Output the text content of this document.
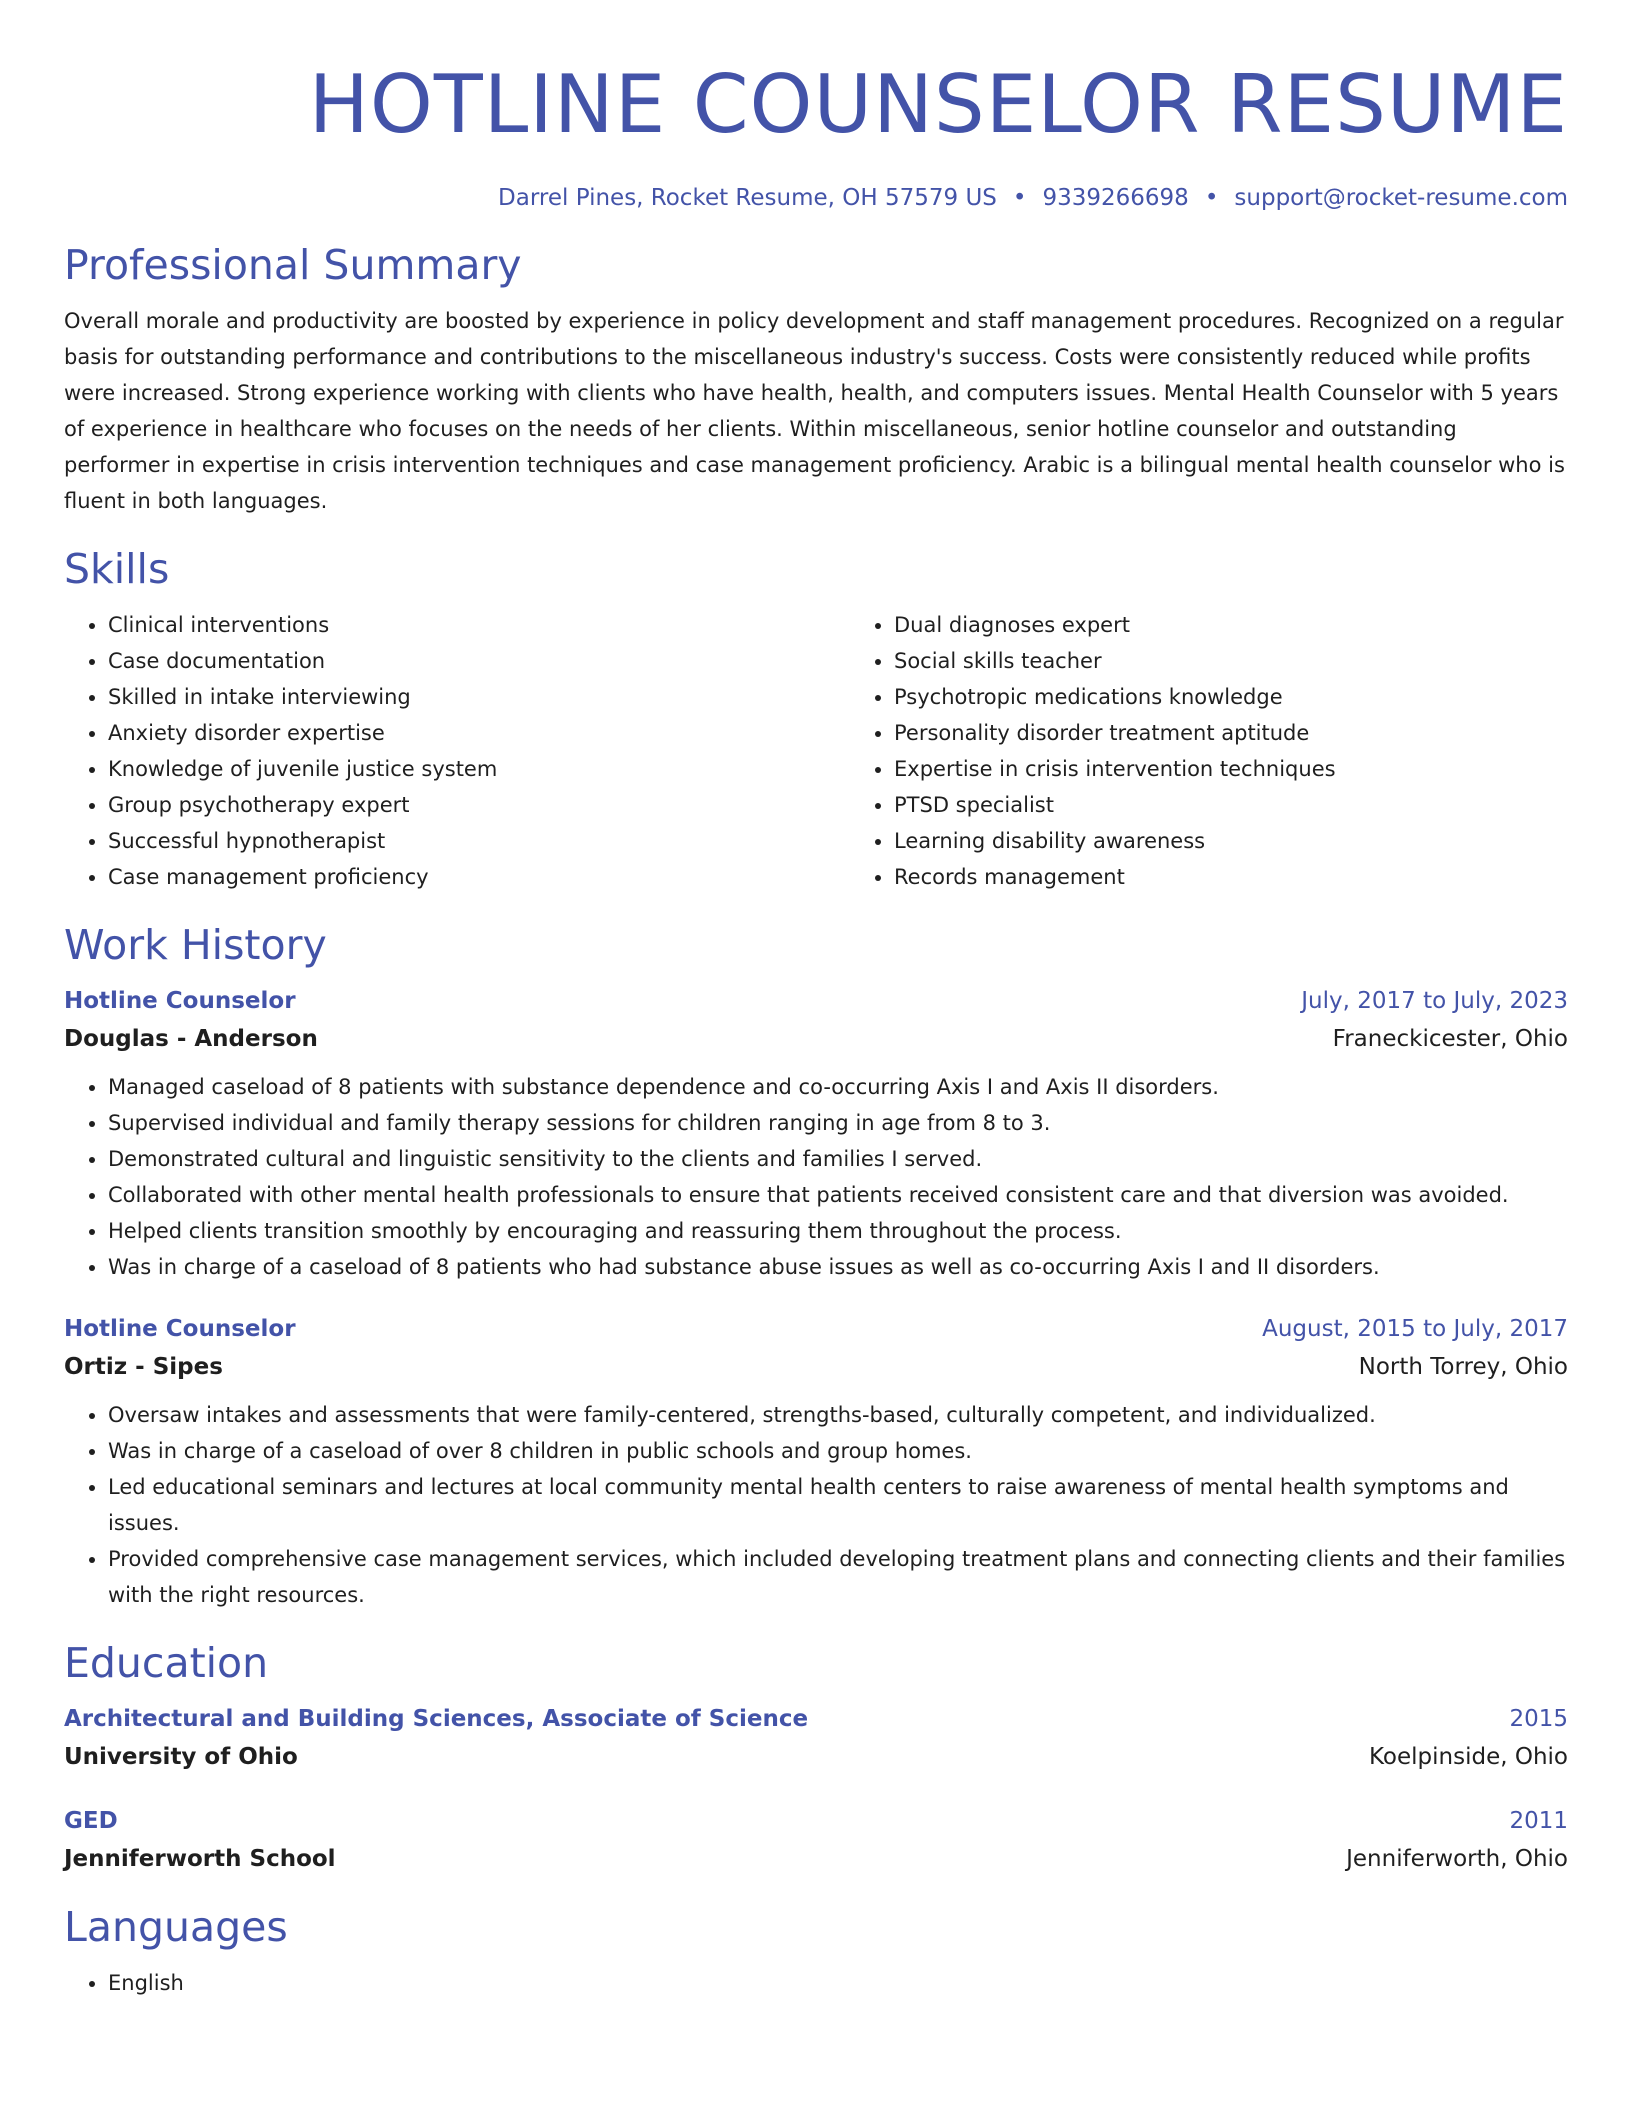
HOTLINE COUNSELOR RESUME
Darrel Pines, Rocket Resume, OH 57579 US • 9339266698 • support@rocket-resume.com
Professional Summary

Overall morale and productivity are boosted by experience in policy development and staff management procedures. Recognized on a regular basis for outstanding performance and contributions to the miscellaneous industry's success. Costs were consistently reduced while profits were increased. Strong experience working with clients who have health, health, and computers issues. Mental Health Counselor with 5 years of experience in healthcare who focuses on the needs of her clients. Within miscellaneous, senior hotline counselor and outstanding performer in expertise in crisis intervention techniques and case management proficiency. Arabic is a bilingual mental health counselor who is fluent in both languages.

Skills
• Clinical interventions
• Case documentation
• Skilled in intake interviewing
• Anxiety disorder expertise
• Knowledge of juvenile justice system
• Group psychotherapy expert
• Successful hypnotherapist
• Case management proficiency
• Dual diagnoses expert
• Social skills teacher
• Psychotropic medications knowledge
• Personality disorder treatment aptitude
• Expertise in crisis intervention techniques
• PTSD specialist
• Learning disability awareness
• Records management
Work History
Hotline Counselor	July, 2017 to July, 2023
Douglas - Anderson	Franeckicester, Ohio
• Managed caseload of 8 patients with substance dependence and co-occurring Axis I and Axis II disorders.
• Supervised individual and family therapy sessions for children ranging in age from 8 to 3.
• Demonstrated cultural and linguistic sensitivity to the clients and families I served.
• Collaborated with other mental health professionals to ensure that patients received consistent care and that diversion was avoided.
• Helped clients transition smoothly by encouraging and reassuring them throughout the process.
• Was in charge of a caseload of 8 patients who had substance abuse issues as well as co-occurring Axis I and II disorders.
Hotline Counselor	August, 2015 to July, 2017
Ortiz - Sipes	North Torrey, Ohio
• Oversaw intakes and assessments that were family-centered, strengths-based, culturally competent, and individualized.
• Was in charge of a caseload of over 8 children in public schools and group homes.
• Led educational seminars and lectures at local community mental health centers to raise awareness of mental health symptoms and issues.
• Provided comprehensive case management services, which included developing treatment plans and connecting clients and their families with the right resources.
Education
Architectural and Building Sciences, Associate of Science	2015
University of Ohio	Koelpinside, Ohio
GED	2011
Jenniferworth School	Jenniferworth, Ohio
Languages
• English
